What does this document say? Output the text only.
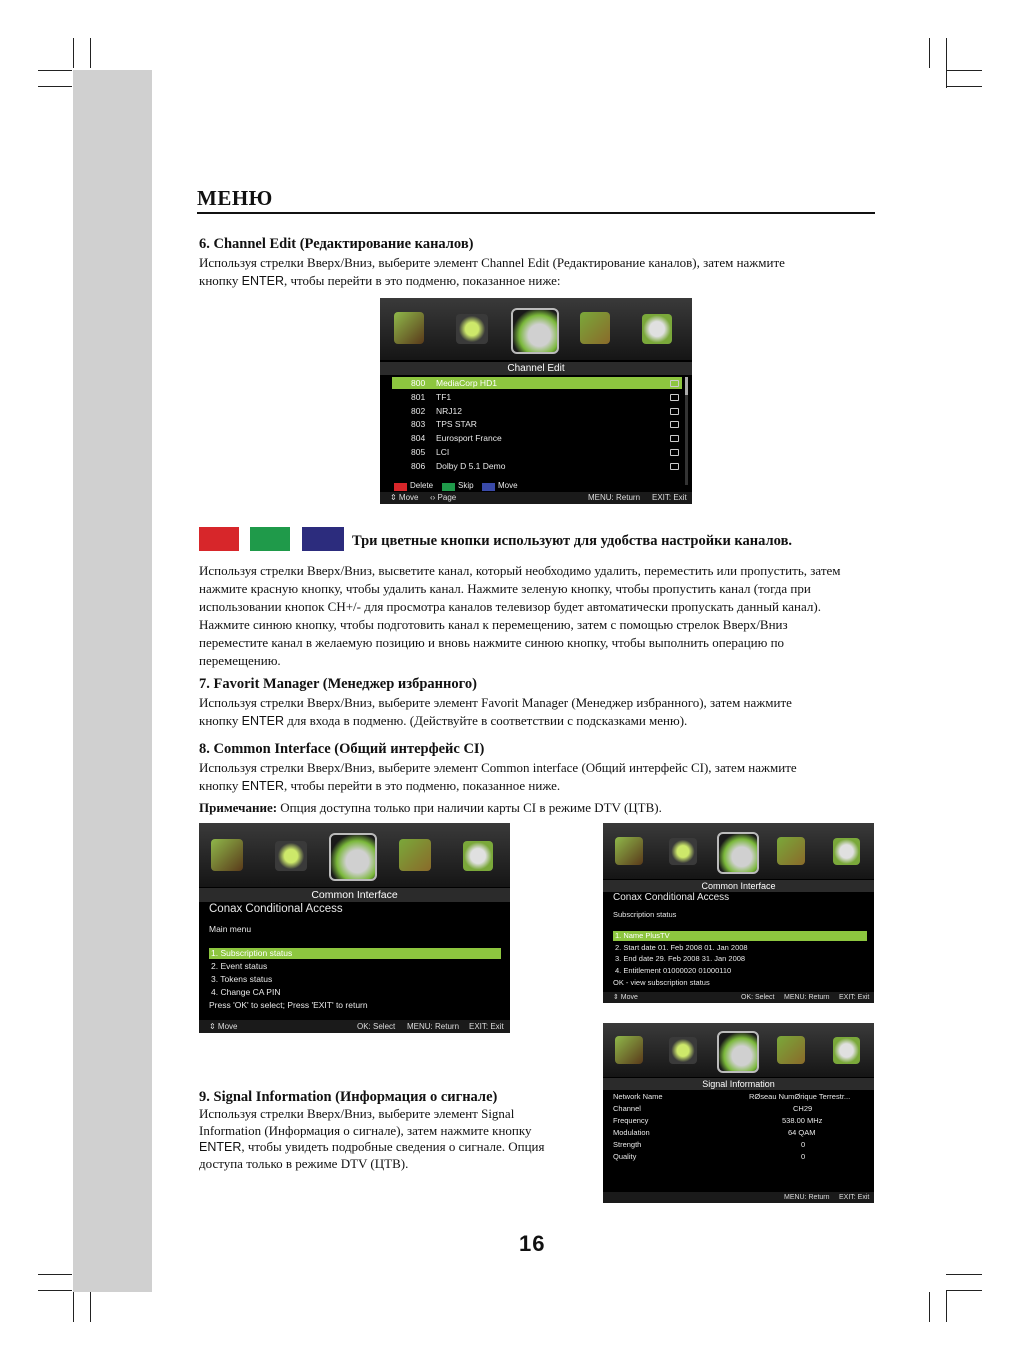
МЕНЮ
6. Channel Edit (Редактирование каналов)
Используя стрелки Вверх/Вниз, выберите элемент Channel Edit (Редактирование каналов), затем нажмите
кнопку ENTER, чтобы перейти в это подменю, показанное ниже:
Channel Edit
800 MediaCorp HD1
801 TF1
802 NRJ12
803 TPS STAR
804 Eurosport France
805 LCI
806 Dolby D 5.1 Demo
Delete	Skip	Move
⇕ Move ‹› Page	MENU: Return EXIT: Exit
Три цветные кнопки используют для удобства настройки каналов.
Используя стрелки Вверх/Вниз, высветите канал, который необходимо удалить, переместить или пропустить, затем
нажмите красную кнопку, чтобы удалить канал. Нажмите зеленую кнопку, чтобы пропустить канал (тогда при
использовании кнопок CH+/- для просмотра каналов телевизор будет автоматически пропускать данный канал).
Нажмите синюю кнопку, чтобы подготовить канал к перемещению, затем с помощью стрелок Вверх/Вниз
переместите канал в желаемую позицию и вновь нажмите синюю кнопку, чтобы выполнить операцию по
перемещению.
7. Favorit Manager (Менеджер избранного)
Используя стрелки Вверх/Вниз, выберите элемент Favorit Manager (Менеджер избранного), затем нажмите
кнопку ENTER для входа в подменю. (Действуйте в соответствии с подсказками меню).
8. Common Interface (Общий интерфейс CI)
Используя стрелки Вверх/Вниз, выберите элемент Common interface (Общий интерфейс CI), затем нажмите
кнопку ENTER, чтобы перейти в это подменю, показанное ниже.
Примечание: Опция доступна только при наличии карты CI в режиме DTV (ЦТВ).
Common Interface
Conax Conditional Access
Main menu
1. Subscription status
2. Event status
3. Tokens status
4. Change CA PIN
Press 'OK' to select; Press 'EXIT' to return
⇕ Move	OK: Select MENU: Return EXIT: Exit
Common Interface
Conax Conditional Access
Subscription status
1. Name PlusTV
2. Start date 01. Feb 2008 01. Jan 2008
3. End date 29. Feb 2008 31. Jan 2008
4. Entitlement 01000020 01000110
OK - view subscription status
⇕ Move	OK: Select MENU: Return EXIT: Exit
9. Signal Information (Информация о сигнале)
Используя стрелки Вверх/Вниз, выберите элемент Signal
Information (Информация о сигнале), затем нажмите кнопку
ENTER, чтобы увидеть подробные сведения о сигнале. Опция
доступа только в режиме DTV (ЦТВ).
Signal Information
Network Name	RØseau NumØrique Terrestr...
Channel	CH29
Frequency	538.00 MHz
Modulation	64 QAM
Strength	0
Quality	0
MENU: Return EXIT: Exit
16
